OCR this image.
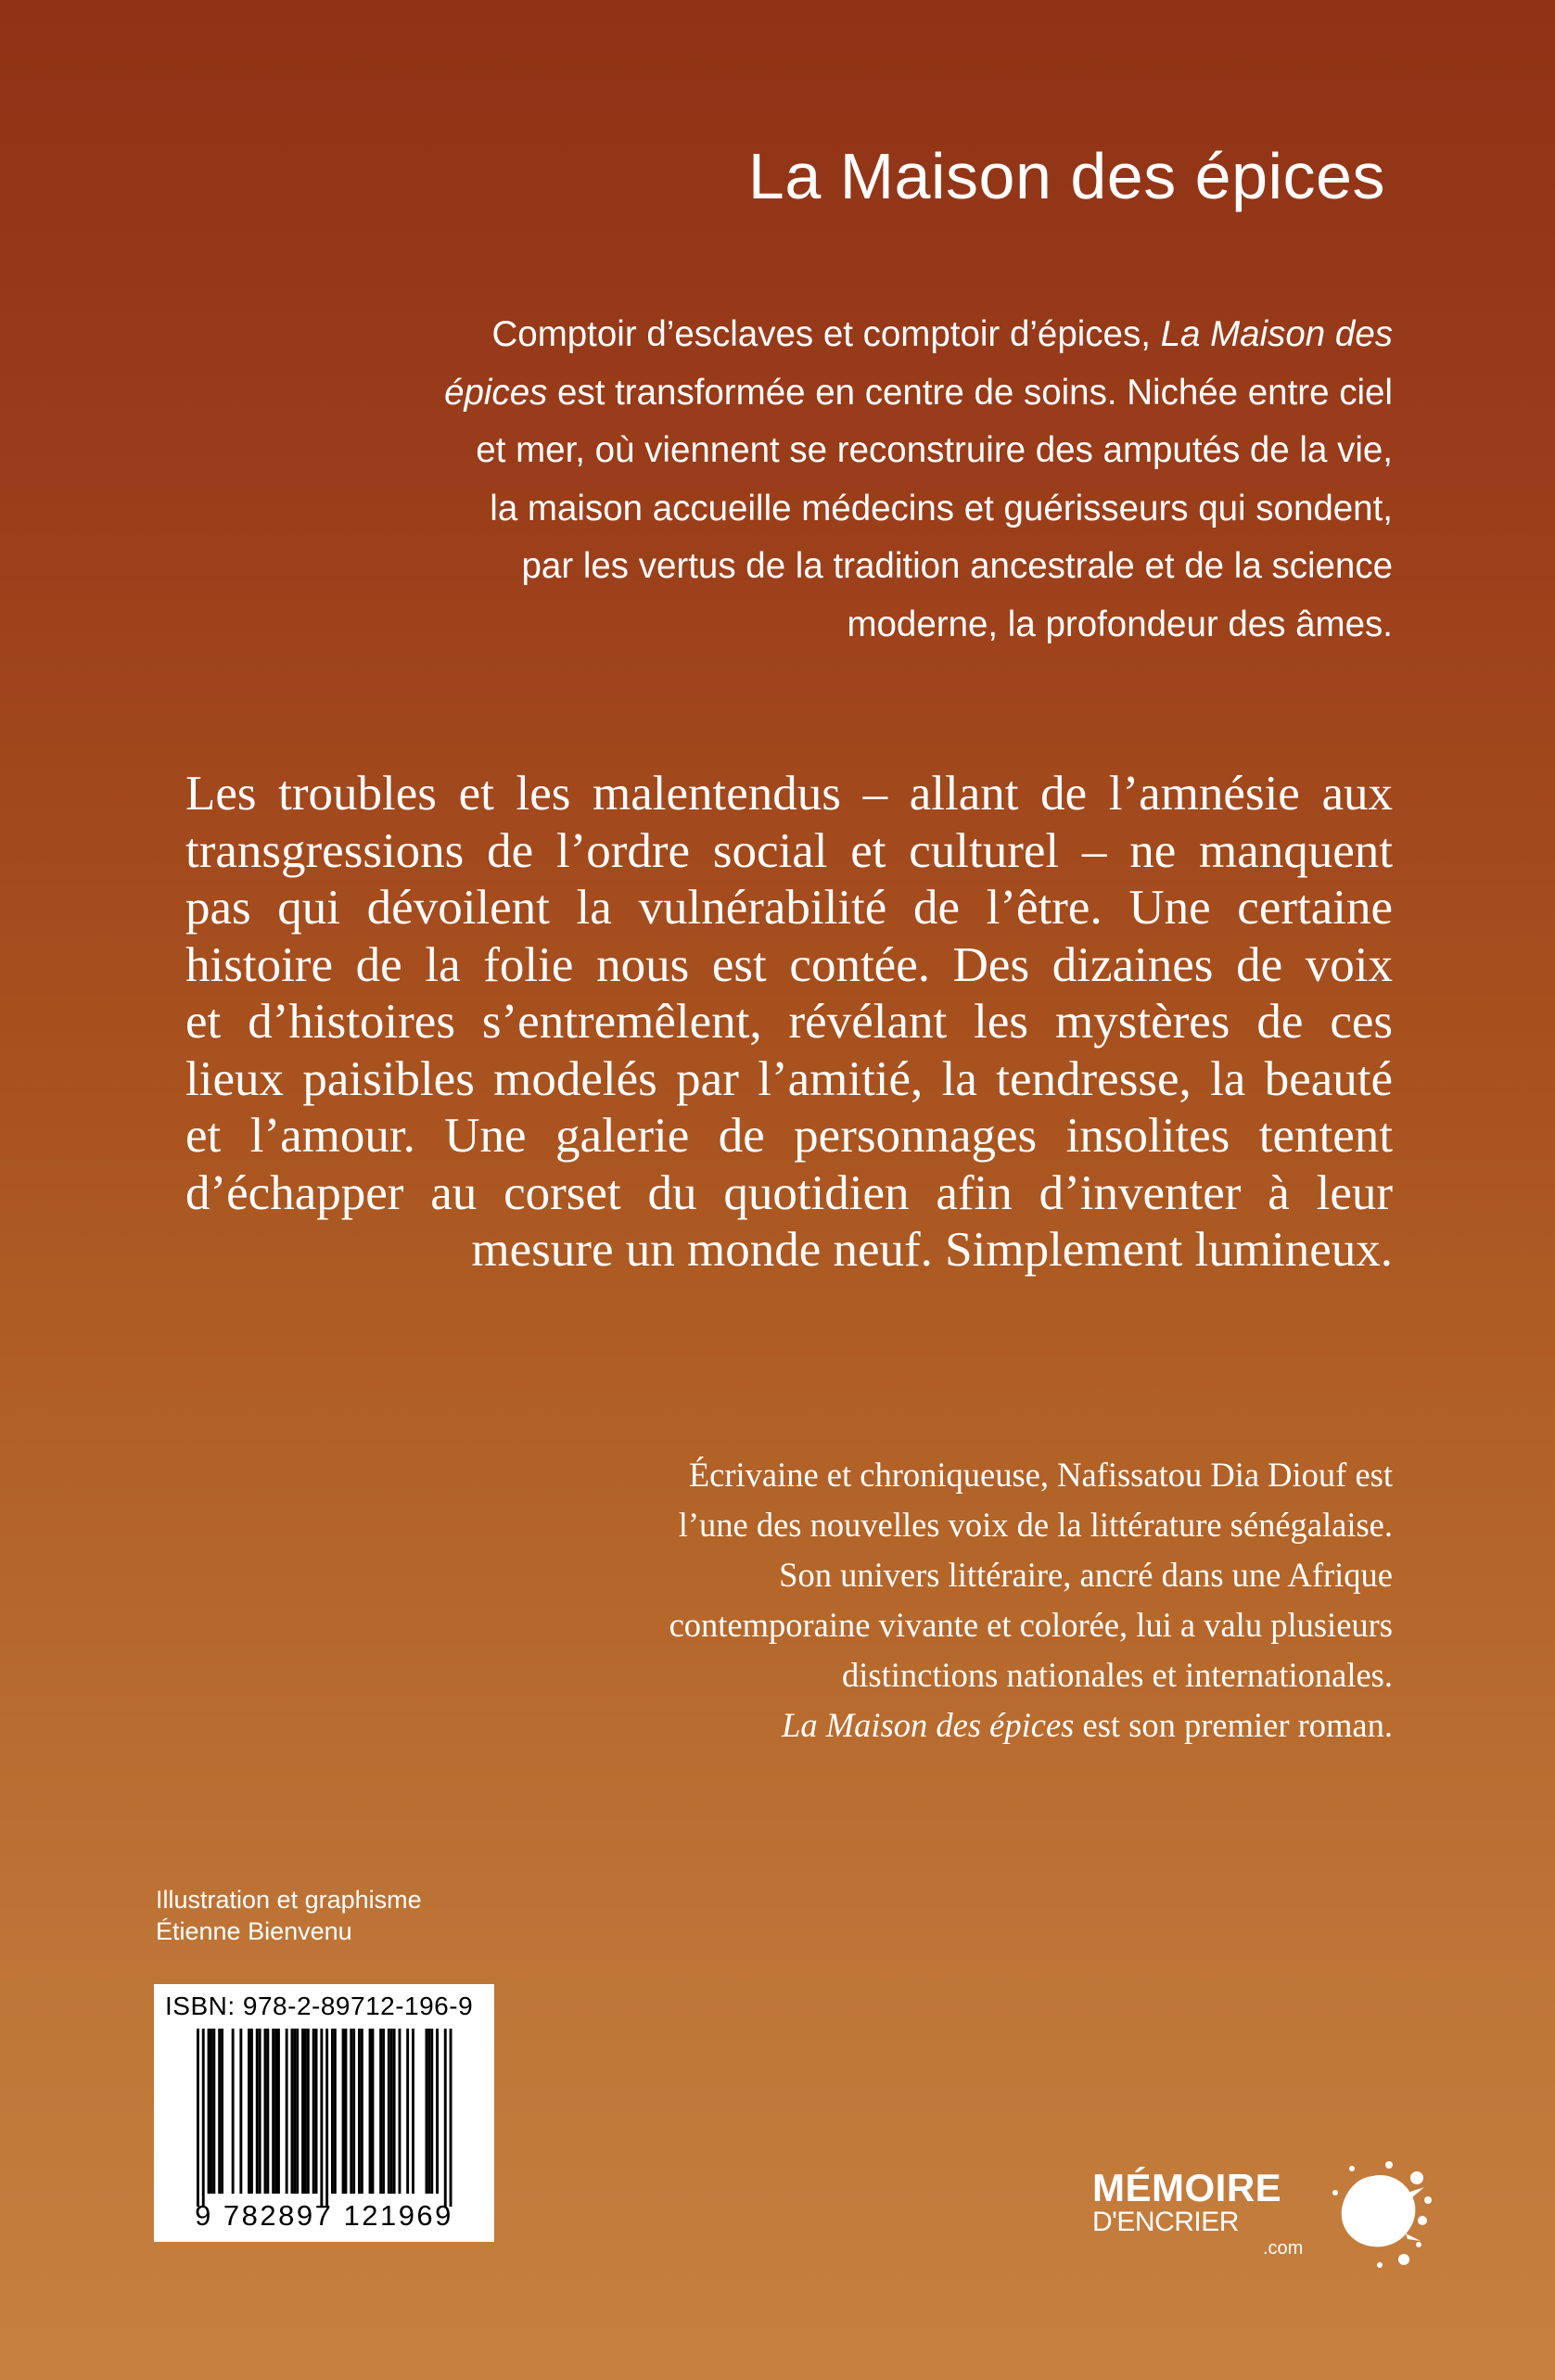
La Maison des épices

Comptoir d’esclaves et comptoir d’épices, La Maison des
épices est transformée en centre de soins. Nichée entre ciel
et mer, où viennent se reconstruire des amputés de la vie,
la maison accueille médecins et guérisseurs qui sondent,
par les vertus de la tradition ancestrale et de la science
moderne, la profondeur des âmes.

Les troubles et les malentendus – allant de l’amnésie aux
transgressions de l’ordre social et culturel – ne manquent
pas qui dévoilent la vulnérabilité de l’être. Une certaine
histoire de la folie nous est contée. Des dizaines de voix
et d’histoires s’entremêlent, révélant les mystères de ces
lieux paisibles modelés par l’amitié, la tendresse, la beauté
et l’amour. Une galerie de personnages insolites tentent
d’échapper au corset du quotidien afin d’inventer à leur
mesure un monde neuf. Simplement lumineux.

Écrivaine et chroniqueuse, Nafissatou Dia Diouf est
l’une des nouvelles voix de la littérature sénégalaise.
Son univers littéraire, ancré dans une Afrique
contemporaine vivante et colorée, lui a valu plusieurs
distinctions nationales et internationales.
La Maison des épices est son premier roman.

Illustration et graphisme
Étienne Bienvenu
ISBN: 978-2-89712-196-9
9 782897 121969
MÉMOIRE
D'ENCRIER
.com
